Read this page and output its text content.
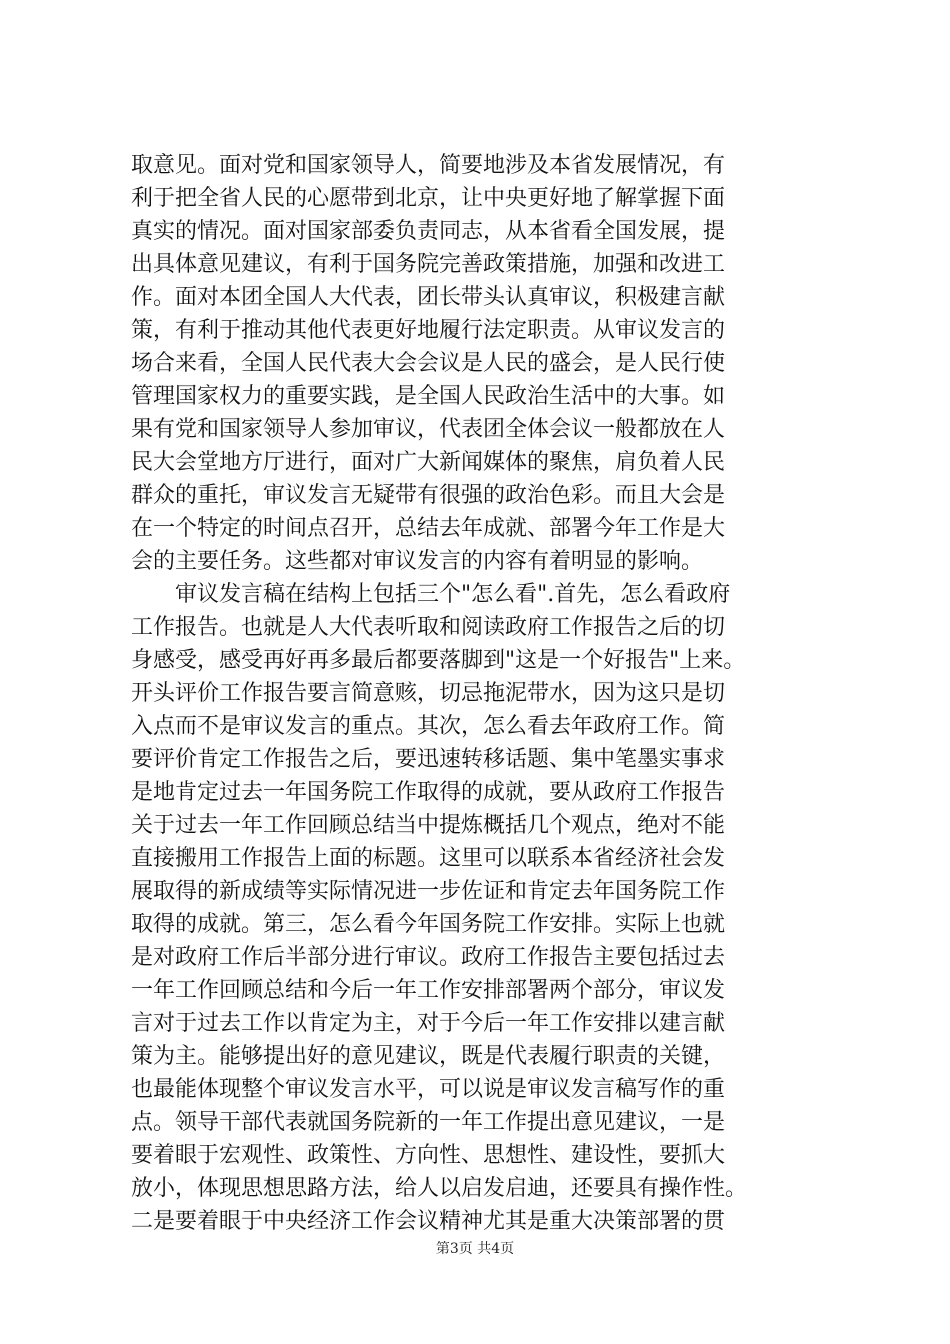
取意见。面对党和国家领导人，简要地涉及本省发展情况，有
利于把全省人民的心愿带到北京，让中央更好地了解掌握下面
真实的情况。面对国家部委负责同志，从本省看全国发展，提
出具体意见建议，有利于国务院完善政策措施，加强和改进工
作。面对本团全国人大代表，团长带头认真审议，积极建言献
策，有利于推动其他代表更好地履行法定职责。从审议发言的
场合来看，全国人民代表大会会议是人民的盛会，是人民行使
管理国家权力的重要实践，是全国人民政治生活中的大事。如
果有党和国家领导人参加审议，代表团全体会议一般都放在人
民大会堂地方厅进行，面对广大新闻媒体的聚焦，肩负着人民
群众的重托，审议发言无疑带有很强的政治色彩。而且大会是
在一个特定的时间点召开，总结去年成就、部署今年工作是大
会的主要任务。这些都对审议发言的内容有着明显的影响。
　　审议发言稿在结构上包括三个"怎么看".首先，怎么看政府
工作报告。也就是人大代表听取和阅读政府工作报告之后的切
身感受，感受再好再多最后都要落脚到"这是一个好报告"上来。
开头评价工作报告要言简意赅，切忌拖泥带水，因为这只是切
入点而不是审议发言的重点。其次，怎么看去年政府工作。简
要评价肯定工作报告之后，要迅速转移话题、集中笔墨实事求
是地肯定过去一年国务院工作取得的成就，要从政府工作报告
关于过去一年工作回顾总结当中提炼概括几个观点，绝对不能
直接搬用工作报告上面的标题。这里可以联系本省经济社会发
展取得的新成绩等实际情况进一步佐证和肯定去年国务院工作
取得的成就。第三，怎么看今年国务院工作安排。实际上也就
是对政府工作后半部分进行审议。政府工作报告主要包括过去
一年工作回顾总结和今后一年工作安排部署两个部分，审议发
言对于过去工作以肯定为主，对于今后一年工作安排以建言献
策为主。能够提出好的意见建议，既是代表履行职责的关键，
也最能体现整个审议发言水平，可以说是审议发言稿写作的重
点。领导干部代表就国务院新的一年工作提出意见建议，一是
要着眼于宏观性、政策性、方向性、思想性、建设性，要抓大
放小，体现思想思路方法，给人以启发启迪，还要具有操作性。
二是要着眼于中央经济工作会议精神尤其是重大决策部署的贯
第3页 共4页
